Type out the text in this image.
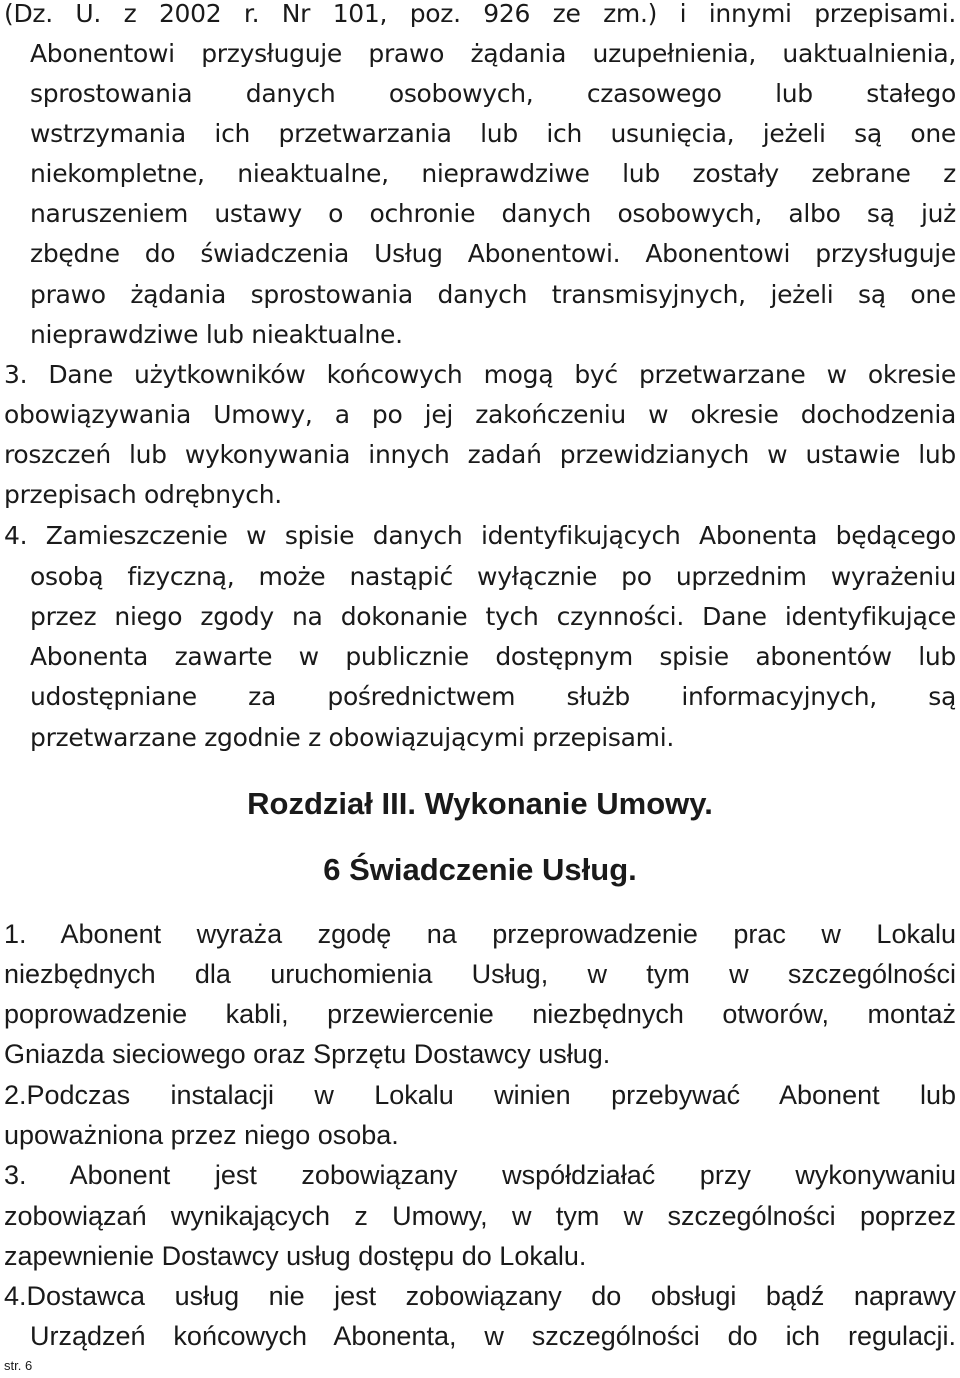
(Dz. U. z 2002 r. Nr 101, poz. 926 ze zm.) i innymi przepisami.
Abonentowi przysługuje prawo żądania uzupełnienia, uaktualnienia,
sprostowania danych osobowych, czasowego lub stałego
wstrzymania ich przetwarzania lub ich usunięcia, jeżeli są one
niekompletne, nieaktualne, nieprawdziwe lub zostały zebrane z
naruszeniem ustawy o ochronie danych osobowych, albo są już
zbędne do świadczenia Usług Abonentowi. Abonentowi przysługuje
prawo żądania sprostowania danych transmisyjnych, jeżeli są one
nieprawdziwe lub nieaktualne.
3. Dane użytkowników końcowych mogą być przetwarzane w okresie
obowiązywania Umowy, a po jej zakończeniu w okresie dochodzenia
roszczeń lub wykonywania innych zadań przewidzianych w ustawie lub
przepisach odrębnych.
4. Zamieszczenie w spisie danych identyfikujących Abonenta będącego
osobą fizyczną, może nastąpić wyłącznie po uprzednim wyrażeniu
przez niego zgody na dokonanie tych czynności. Dane identyfikujące
Abonenta zawarte w publicznie dostępnym spisie abonentów lub
udostępniane za pośrednictwem służb informacyjnych, są
przetwarzane zgodnie z obowiązującymi przepisami.
Rozdział III. Wykonanie Umowy.
6 Świadczenie Usług.
1. Abonent wyraża zgodę na przeprowadzenie prac w Lokalu
niezbędnych dla uruchomienia Usług, w tym w szczególności
poprowadzenie kabli, przewiercenie niezbędnych otworów, montaż
Gniazda sieciowego oraz Sprzętu Dostawcy usług.
2.Podczas instalacji w Lokalu winien przebywać Abonent lub
upoważniona przez niego osoba.
3. Abonent jest zobowiązany współdziałać przy wykonywaniu
zobowiązań wynikających z Umowy, w tym w szczególności poprzez
zapewnienie Dostawcy usług dostępu do Lokalu.
4.Dostawca usług nie jest zobowiązany do obsługi bądź naprawy
Urządzeń końcowych Abonenta, w szczególności do ich regulacji.
str. 6
